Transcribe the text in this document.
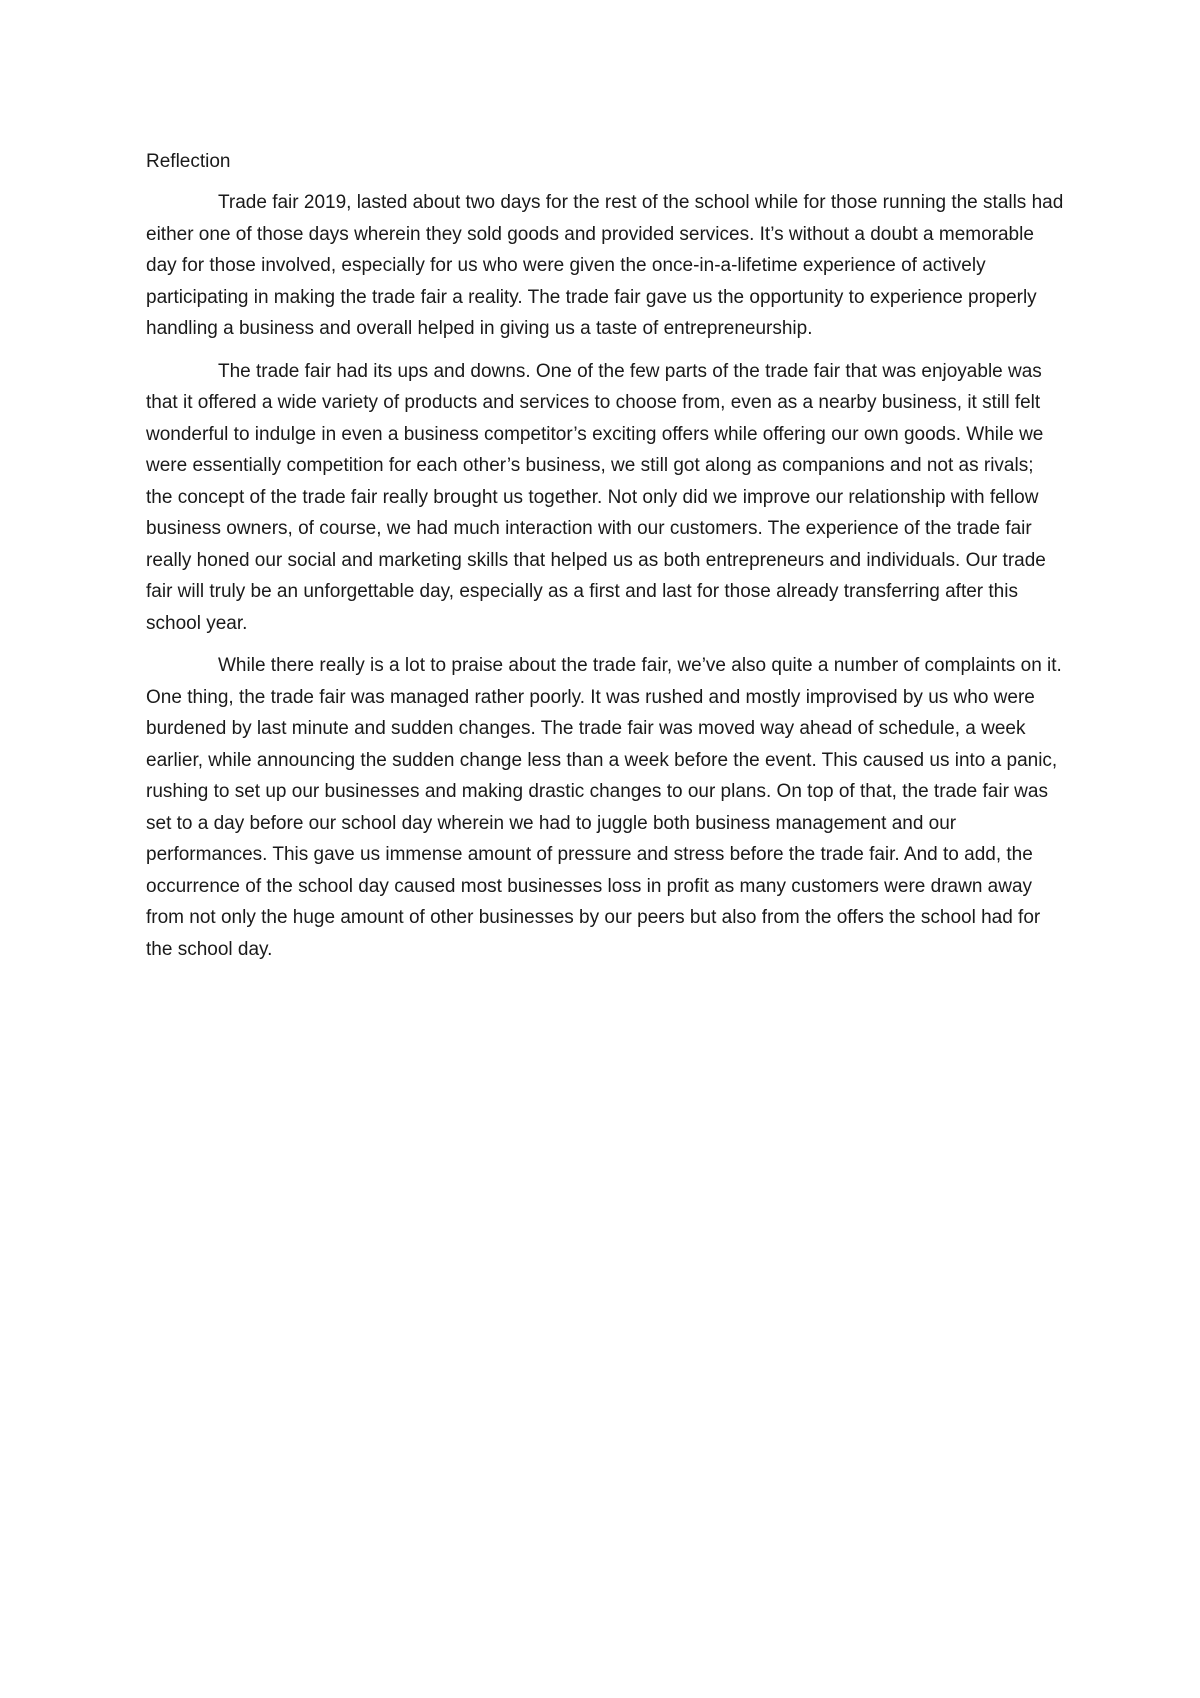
Reflection

Trade fair 2019, lasted about two days for the rest of the school while for those running the stalls had either one of those days wherein they sold goods and provided services. It’s without a doubt a memorable day for those involved, especially for us who were given the once-in-a-lifetime experience of actively participating in making the trade fair a reality. The trade fair gave us the opportunity to experience properly handling a business and overall helped in giving us a taste of entrepreneurship.

The trade fair had its ups and downs. One of the few parts of the trade fair that was enjoyable was that it offered a wide variety of products and services to choose from, even as a nearby business, it still felt wonderful to indulge in even a business competitor’s exciting offers while offering our own goods. While we were essentially competition for each other’s business, we still got along as companions and not as rivals; the concept of the trade fair really brought us together. Not only did we improve our relationship with fellow business owners, of course, we had much interaction with our customers. The experience of the trade fair really honed our social and marketing skills that helped us as both entrepreneurs and individuals. Our trade fair will truly be an unforgettable day, especially as a first and last for those already transferring after this school year.

While there really is a lot to praise about the trade fair, we’ve also quite a number of complaints on it. One thing, the trade fair was managed rather poorly. It was rushed and mostly improvised by us who were burdened by last minute and sudden changes. The trade fair was moved way ahead of schedule, a week earlier, while announcing the sudden change less than a week before the event. This caused us into a panic, rushing to set up our businesses and making drastic changes to our plans. On top of that, the trade fair was set to a day before our school day wherein we had to juggle both business management and our performances. This gave us immense amount of pressure and stress before the trade fair. And to add, the occurrence of the school day caused most businesses loss in profit as many customers were drawn away from not only the huge amount of other businesses by our peers but also from the offers the school had for the school day.
